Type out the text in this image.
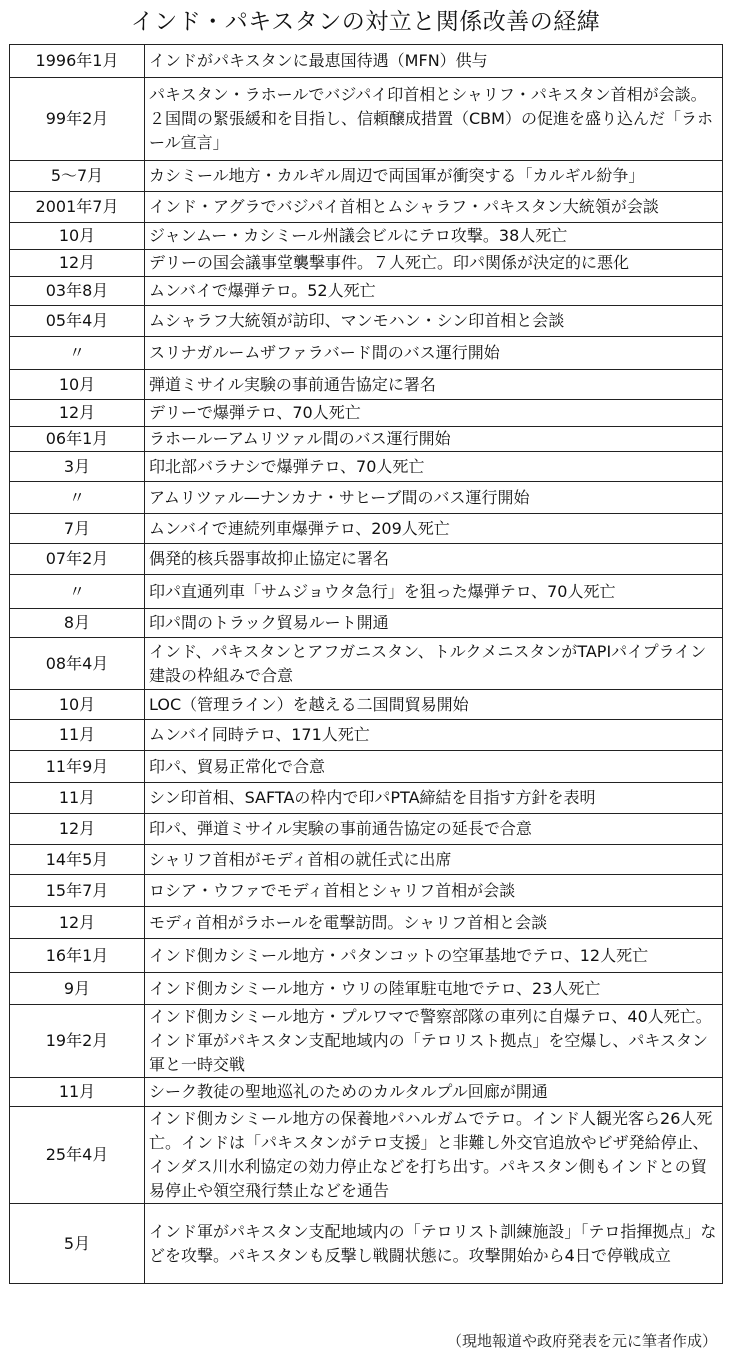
インド・パキスタンの対立と関係改善の経緯
1996年1月	インドがパキスタンに最恵国待遇（MFN）供与
99年2月	パキスタン・ラホールでバジパイ印首相とシャリフ・パキスタン首相が会談。２国間の緊張緩和を目指し、信頼醸成措置（CBM）の促進を盛り込んだ「ラホール宣言」
5〜7月	カシミール地方・カルギル周辺で両国軍が衝突する「カルギル紛争」
2001年7月	インド・アグラでバジパイ首相とムシャラフ・パキスタン大統領が会談
10月	ジャンムー・カシミール州議会ビルにテロ攻撃。38人死亡
12月	デリーの国会議事堂襲撃事件。７人死亡。印パ関係が決定的に悪化
03年8月	ムンバイで爆弾テロ。52人死亡
05年4月	ムシャラフ大統領が訪印、マンモハン・シン印首相と会談
〃	スリナガルームザファラバード間のバス運行開始
10月	弾道ミサイル実験の事前通告協定に署名
12月	デリーで爆弾テロ、70人死亡
06年1月	ラホールーアムリツァル間のバス運行開始
3月	印北部バラナシで爆弾テロ、70人死亡
〃	アムリツァル—ナンカナ・サヒーブ間のバス運行開始
7月	ムンバイで連続列車爆弾テロ、209人死亡
07年2月	偶発的核兵器事故抑止協定に署名
〃	印パ直通列車「サムジョウタ急行」を狙った爆弾テロ、70人死亡
8月	印パ間のトラック貿易ルート開通
08年4月	インド、パキスタンとアフガニスタン、トルクメニスタンがTAPIパイプライン建設の枠組みで合意
10月	LOC（管理ライン）を越える二国間貿易開始
11月	ムンバイ同時テロ、171人死亡
11年9月	印パ、貿易正常化で合意
11月	シン印首相、SAFTAの枠内で印パPTA締結を目指す方針を表明
12月	印パ、弾道ミサイル実験の事前通告協定の延長で合意
14年5月	シャリフ首相がモディ首相の就任式に出席
15年7月	ロシア・ウファでモディ首相とシャリフ首相が会談
12月	モディ首相がラホールを電撃訪問。シャリフ首相と会談
16年1月	インド側カシミール地方・パタンコットの空軍基地でテロ、12人死亡
9月	インド側カシミール地方・ウリの陸軍駐屯地でテロ、23人死亡
19年2月	インド側カシミール地方・プルワマで警察部隊の車列に自爆テロ、40人死亡。インド軍がパキスタン支配地域内の「テロリスト拠点」を空爆し、パキスタン軍と一時交戦
11月	シーク教徒の聖地巡礼のためのカルタルプル回廊が開通
25年4月	インド側カシミール地方の保養地パハルガムでテロ。インド人観光客ら26人死亡。インドは「パキスタンがテロ支援」と非難し外交官追放やビザ発給停止、インダス川水利協定の効力停止などを打ち出す。パキスタン側もインドとの貿易停止や領空飛行禁止などを通告
5月	インド軍がパキスタン支配地域内の「テロリスト訓練施設」「テロ指揮拠点」などを攻撃。パキスタンも反撃し戦闘状態に。攻撃開始から4日で停戦成立
（現地報道や政府発表を元に筆者作成）
